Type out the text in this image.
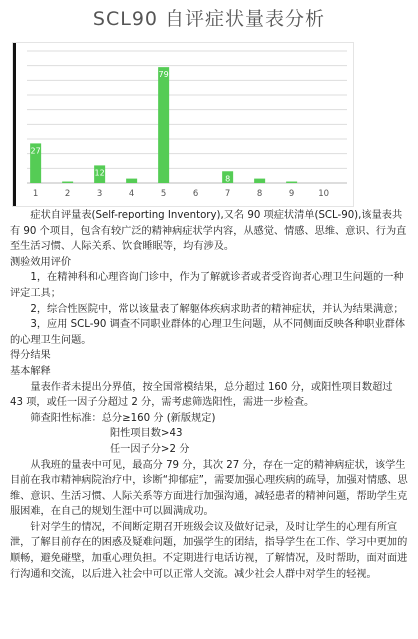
SCL90 自评症状量表分析
27
1	2
12
3	4
79
5	6
8
7	8	9	10

症状自评量表(Self-reporting Inventory),又名 90 项症状清单(SCL-90),该量表共有 90 个项目，包含有较广泛的精神病症状学内容，从感觉、情感、思维、意识、行为直至生活习惯、人际关系、饮食睡眠等，均有涉及。

测验效用评价

1，在精神科和心理咨询门诊中，作为了解就诊者或者受咨询者心理卫生问题的一种评定工具；

2，综合性医院中，常以该量表了解躯体疾病求助者的精神症状，并认为结果满意；

3，应用 SCL-90 调查不同职业群体的心理卫生问题，从不同侧面反映各种职业群体的心理卫生问题。

得分结果

基本解释

量表作者未提出分界值，按全国常模结果，总分超过 160 分，或阳性项目数超过 43 项，或任一因子分超过 2 分，需考虑筛选阳性，需进一步检查。

筛查阳性标准：总分≥160 分 (新版规定)

阳性项目数>43

任一因子分>2 分

从我班的量表中可见，最高分 79 分，其次 27 分，存在一定的精神病症状，该学生目前在我市精神病院治疗中，诊断“抑郁症”，需要加强心理疾病的疏导，加强对情感、思维、意识、生活习惯、人际关系等方面进行加强沟通，减轻患者的精神问题，帮助学生克服困难，在自己的规划生涯中可以圆满成功。

针对学生的情况，不间断定期召开班级会议及做好记录，及时让学生的心理有所宣泄，了解目前存在的困惑及疑难问题，加强学生的团结，指导学生在工作、学习中更加的顺畅，避免碰壁，加重心理负担。不定期进行电话访视，了解情况，及时帮助，面对面进行沟通和交流，以后进入社会中可以正常人交流。减少社会人群中对学生的轻视。
